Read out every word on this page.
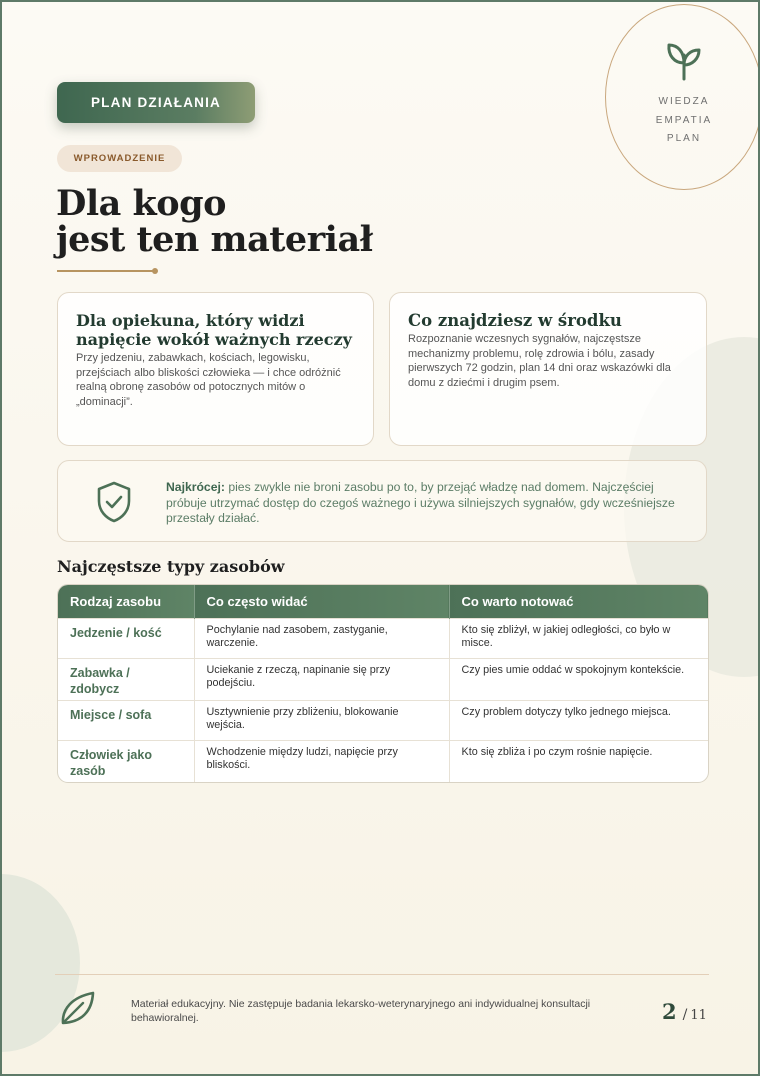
WIEDZA
EMPATIA
PLAN
PLAN DZIAŁANIA
WPROWADZENIE
Dla kogo
jest ten materiał
Dla opiekuna, który widzi napięcie wokół ważnych rzeczy

Przy jedzeniu, zabawkach, kościach, legowisku, przejściach albo bliskości człowieka — i chce odróżnić realną obronę zasobów od potocznych mitów o „dominacji”.

Co znajdziesz w środku

Rozpoznanie wczesnych sygnałów, najczęstsze mechanizmy problemu, rolę zdrowia i bólu, zasady pierwszych 72 godzin, plan 14 dni oraz wskazówki dla domu z dziećmi i drugim psem.

Najkrócej: pies zwykle nie broni zasobu po to, by przejąć władzę nad domem. Najczęściej próbuje utrzymać dostęp do czegoś ważnego i używa silniejszych sygnałów, gdy wcześniejsze przestały działać.
Najczęstsze typy zasobów
Rodzaj zasobu	Co często widać	Co warto notować
Jedzenie / kość	Pochylanie nad zasobem, zastyganie, warczenie.	Kto się zbliżył, w jakiej odległości, co było w misce.
Zabawka / zdobycz	Uciekanie z rzeczą, napinanie się przy podejściu.	Czy pies umie oddać w spokojnym kontekście.
Miejsce / sofa	Usztywnienie przy zbliżeniu, blokowanie wejścia.	Czy problem dotyczy tylko jednego miejsca.
Człowiek jako zasób	Wchodzenie między ludzi, napięcie przy bliskości.	Kto się zbliża i po czym rośnie napięcie.
Materiał edukacyjny. Nie zastępuje badania lekarsko-weterynaryjnego ani indywidualnej konsultacji behawioralnej.	2 / 11
